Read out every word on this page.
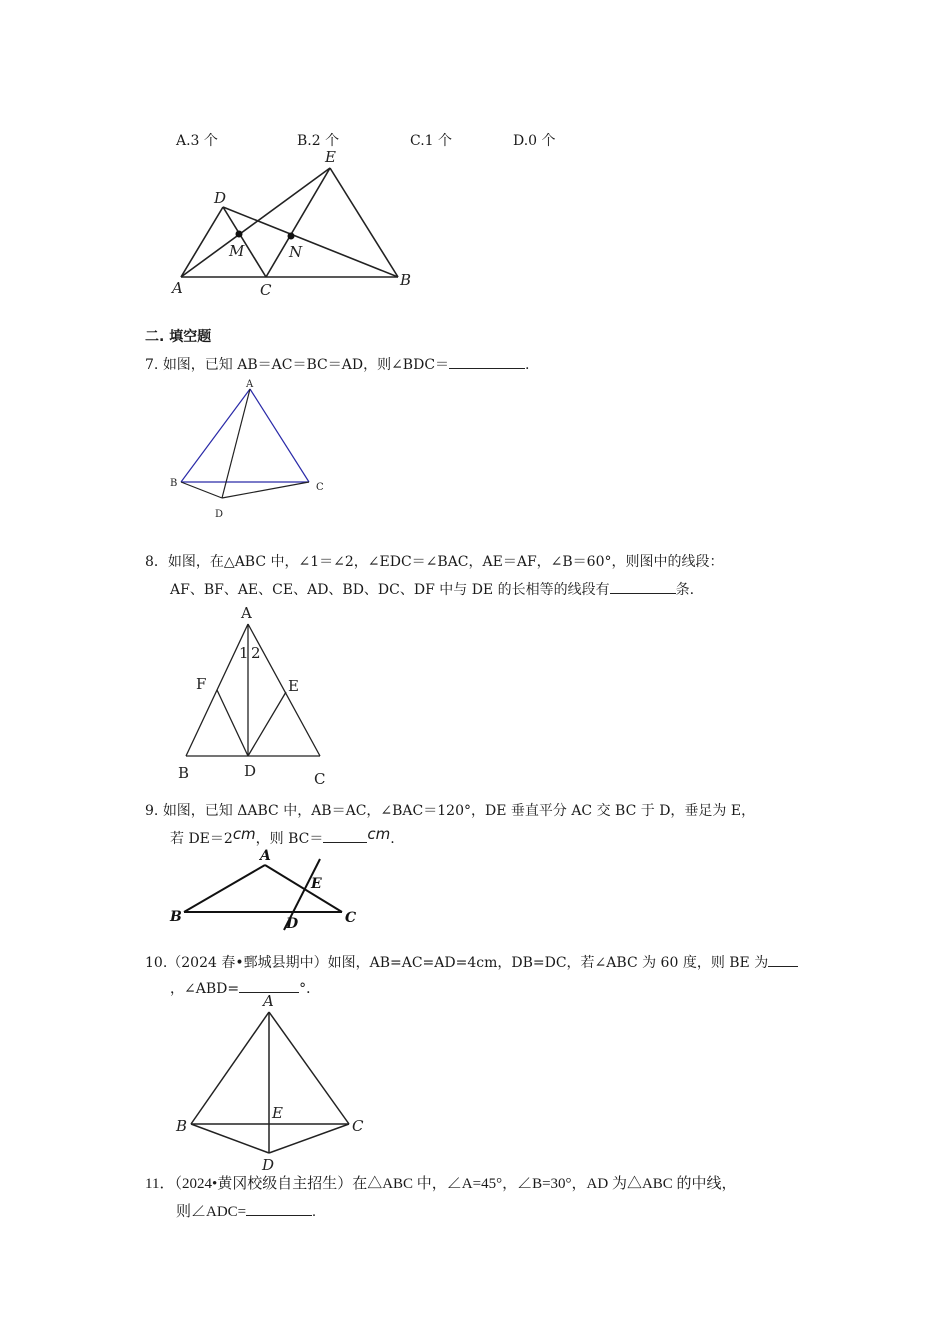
A.3 个	B.2 个	C.1 个	D.0 个
E
D
M	N
A	C
B
二. 填空题
7. 如图，已知 AB＝AC＝BC＝AD，则∠BDC＝	.
A
B	C
D
8．如图，在△ABC 中，∠1＝∠2，∠EDC＝∠BAC，AE＝AF，∠B＝60°，则图中的线段：
AF、BF、AE、CE、AD、BD、DC、DF 中与 DE 的长相等的线段有	条.
A
1 2
F	E
B	D	C
9. 如图，已知 ΔABC 中，AB＝AC，∠BAC＝120°，DE 垂直平分 AC 交 BC 于 D，垂足为 E，
若 DE＝2cm，则 BC＝	cm.
A
B	C
D
E
10.（2024 春•鄄城县期中）如图，AB=AC=AD=4cm，DB=DC，若∠ABC 为 60 度，则 BE 为
，∠ABD=	°．
A
B	C
E
D
11．（2024•黄冈校级自主招生）在△ABC 中，∠A=45°，∠B=30°，AD 为△ABC 的中线，
则∠ADC=	.
